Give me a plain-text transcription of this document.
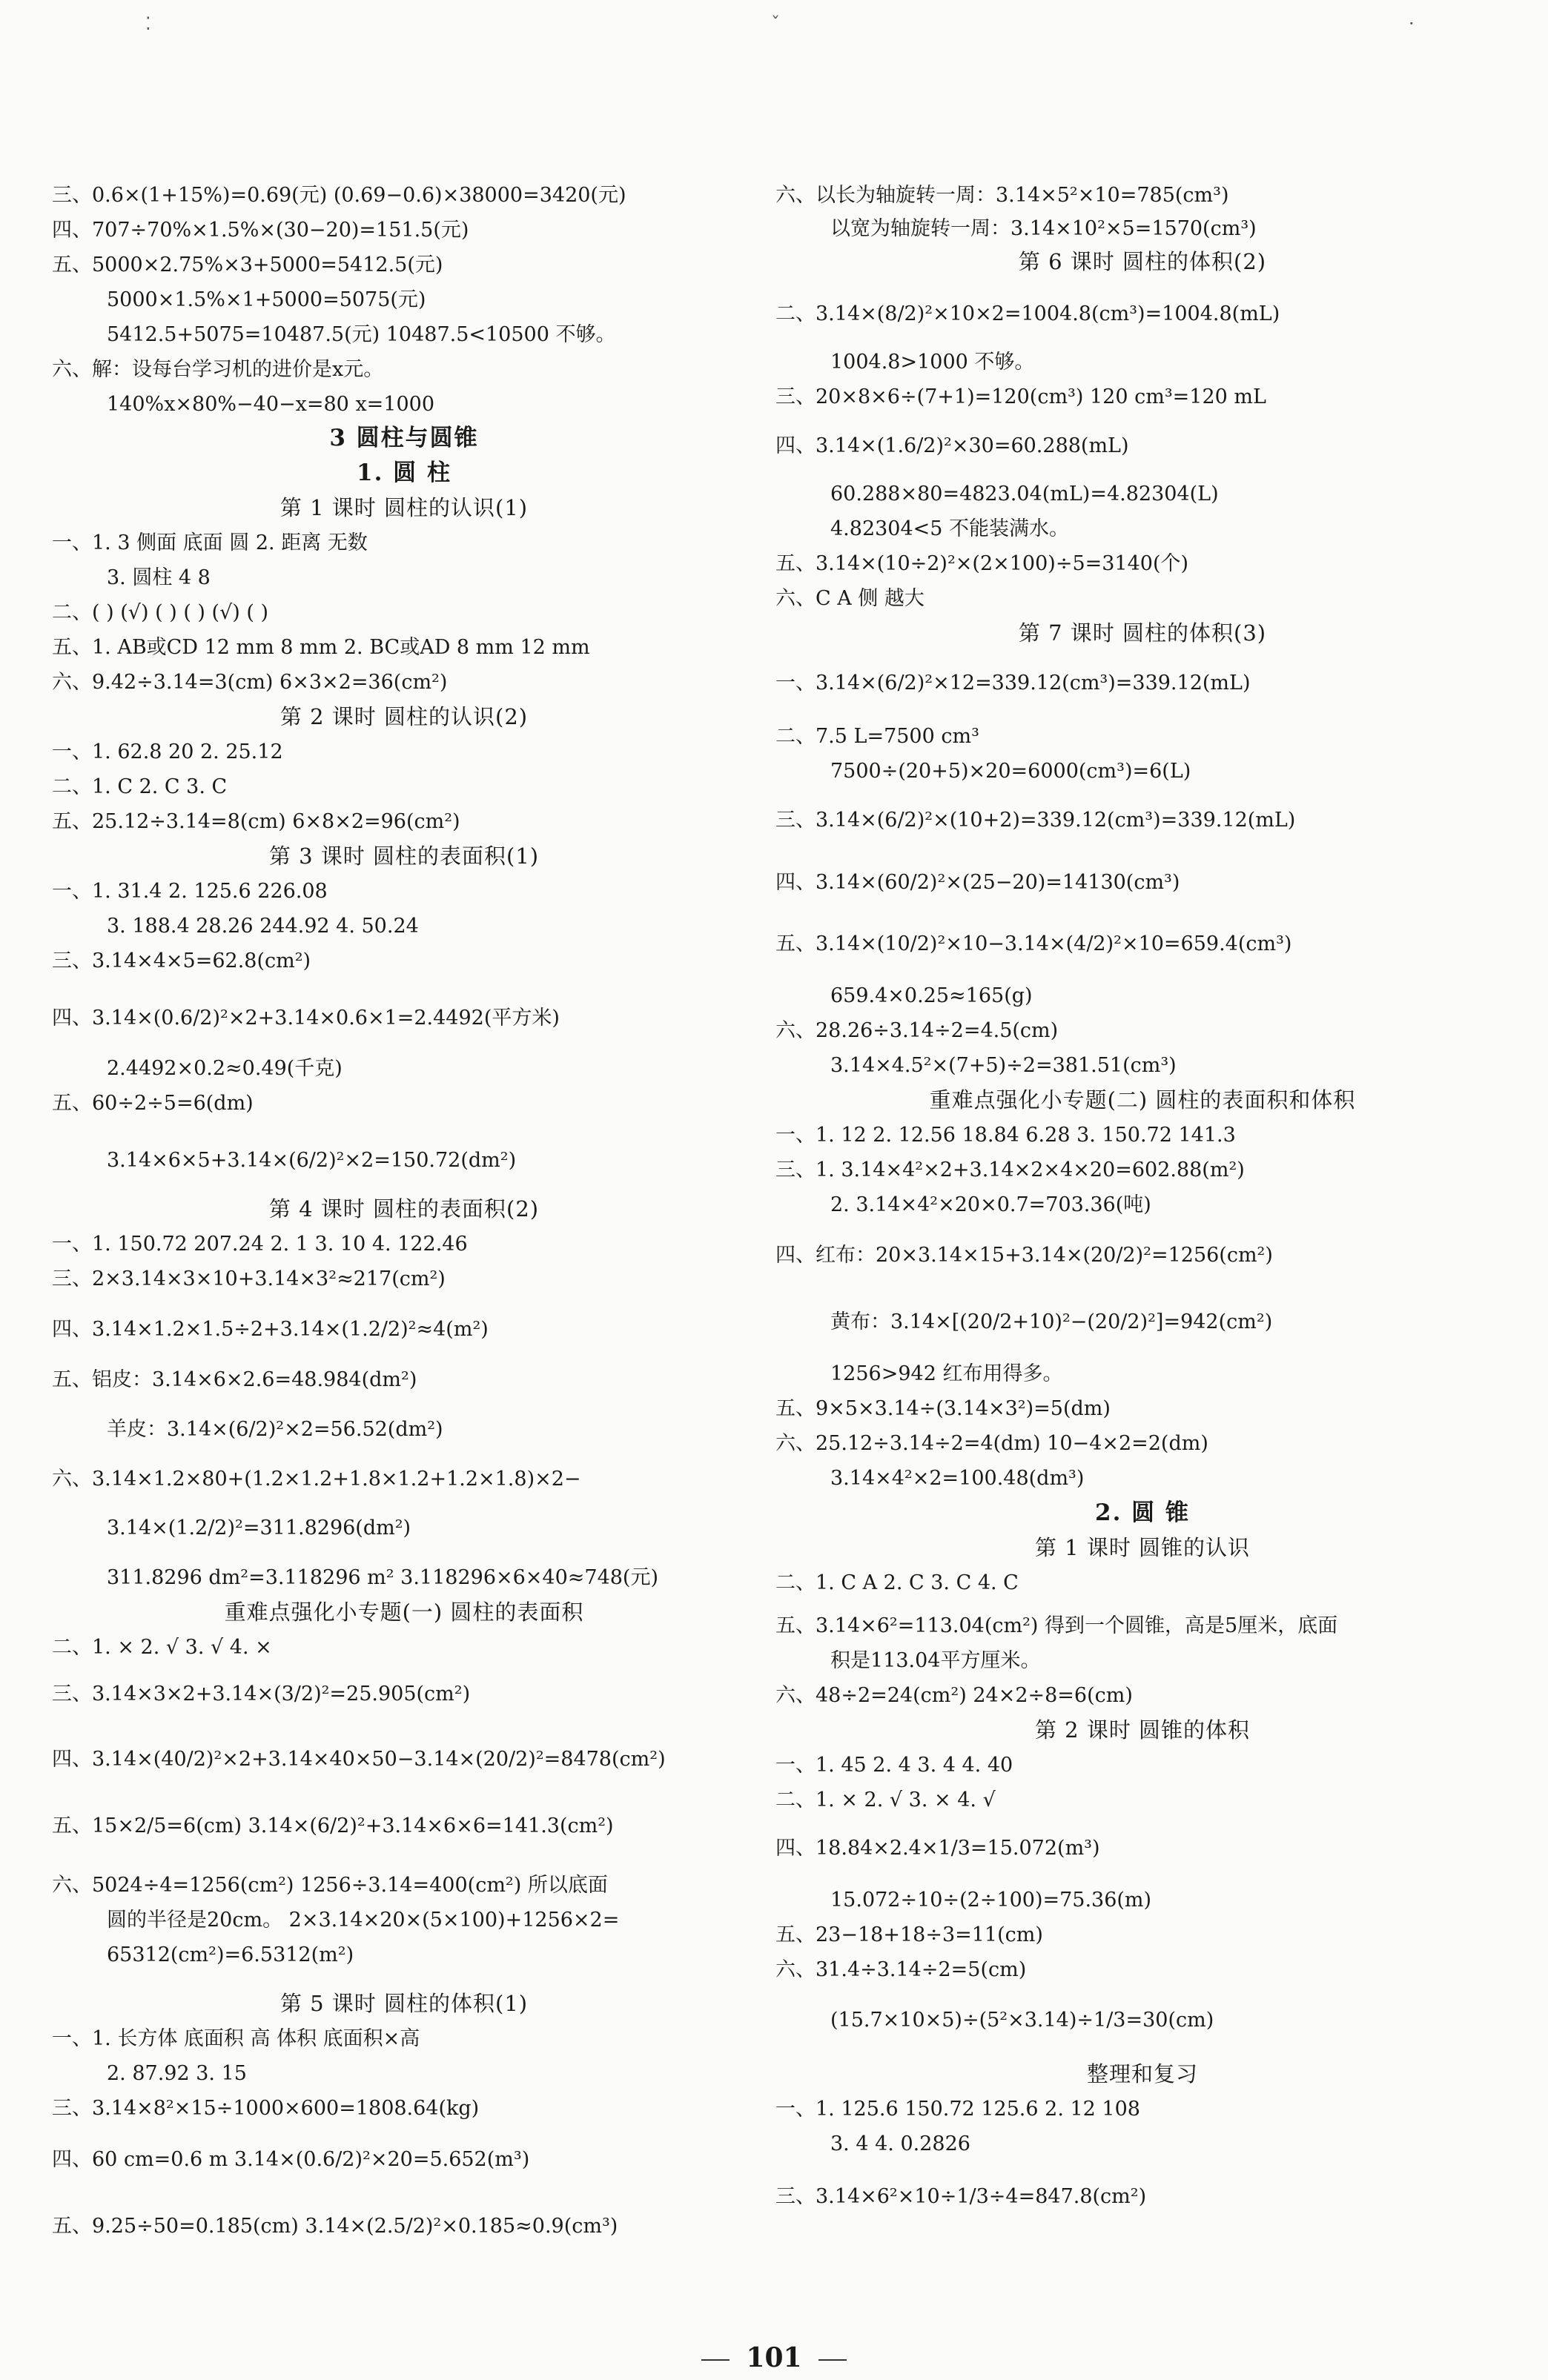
⁚	ˇ	·
三、0.6×(1+15%)=0.69(元) (0.69−0.6)×38000=3420(元)
四、707÷70%×1.5%×(30−20)=151.5(元)
五、5000×2.75%×3+5000=5412.5(元)
5000×1.5%×1+5000=5075(元)
5412.5+5075=10487.5(元) 10487.5<10500 不够。
六、解：设每台学习机的进价是x元。
140%x×80%−40−x=80 x=1000
3 圆柱与圆锥
1. 圆 柱
第 1 课时 圆柱的认识(1)
一、1. 3 侧面 底面 圆 2. 距离 无数
3. 圆柱 4 8
二、( ) (√) ( ) ( ) (√) ( )
五、1. AB或CD 12 mm 8 mm 2. BC或AD 8 mm 12 mm
六、9.42÷3.14=3(cm) 6×3×2=36(cm²)
第 2 课时 圆柱的认识(2)
一、1. 62.8 20 2. 25.12
二、1. C 2. C 3. C
五、25.12÷3.14=8(cm) 6×8×2=96(cm²)
第 3 课时 圆柱的表面积(1)
一、1. 31.4 2. 125.6 226.08
3. 188.4 28.26 244.92 4. 50.24
三、3.14×4×5=62.8(cm²)
四、3.14×(0.6/2)²×2+3.14×0.6×1=2.4492(平方米)
2.4492×0.2≈0.49(千克)
五、60÷2÷5=6(dm)
3.14×6×5+3.14×(6/2)²×2=150.72(dm²)
第 4 课时 圆柱的表面积(2)
一、1. 150.72 207.24 2. 1 3. 10 4. 122.46
三、2×3.14×3×10+3.14×3²≈217(cm²)
四、3.14×1.2×1.5÷2+3.14×(1.2/2)²≈4(m²)
五、铝皮：3.14×6×2.6=48.984(dm²)
羊皮：3.14×(6/2)²×2=56.52(dm²)
六、3.14×1.2×80+(1.2×1.2+1.8×1.2+1.2×1.8)×2−
3.14×(1.2/2)²=311.8296(dm²)
311.8296 dm²=3.118296 m² 3.118296×6×40≈748(元)
重难点强化小专题(一) 圆柱的表面积
二、1. × 2. √ 3. √ 4. ×
三、3.14×3×2+3.14×(3/2)²=25.905(cm²)
四、3.14×(40/2)²×2+3.14×40×50−3.14×(20/2)²=8478(cm²)
五、15×2/5=6(cm) 3.14×(6/2)²+3.14×6×6=141.3(cm²)
六、5024÷4=1256(cm²) 1256÷3.14=400(cm²) 所以底面
圆的半径是20cm。 2×3.14×20×(5×100)+1256×2=
65312(cm²)=6.5312(m²)
第 5 课时 圆柱的体积(1)
一、1. 长方体 底面积 高 体积 底面积×高
2. 87.92 3. 15
三、3.14×8²×15÷1000×600=1808.64(kg)
四、60 cm=0.6 m 3.14×(0.6/2)²×20=5.652(m³)
五、9.25÷50=0.185(cm) 3.14×(2.5/2)²×0.185≈0.9(cm³)
六、以长为轴旋转一周：3.14×5²×10=785(cm³)
以宽为轴旋转一周：3.14×10²×5=1570(cm³)
第 6 课时 圆柱的体积(2)
二、3.14×(8/2)²×10×2=1004.8(cm³)=1004.8(mL)
1004.8>1000 不够。
三、20×8×6÷(7+1)=120(cm³) 120 cm³=120 mL
四、3.14×(1.6/2)²×30=60.288(mL)
60.288×80=4823.04(mL)=4.82304(L)
4.82304<5 不能装满水。
五、3.14×(10÷2)²×(2×100)÷5=3140(个)
六、C A 侧 越大
第 7 课时 圆柱的体积(3)
一、3.14×(6/2)²×12=339.12(cm³)=339.12(mL)
二、7.5 L=7500 cm³
7500÷(20+5)×20=6000(cm³)=6(L)
三、3.14×(6/2)²×(10+2)=339.12(cm³)=339.12(mL)
四、3.14×(60/2)²×(25−20)=14130(cm³)
五、3.14×(10/2)²×10−3.14×(4/2)²×10=659.4(cm³)
659.4×0.25≈165(g)
六、28.26÷3.14÷2=4.5(cm)
3.14×4.5²×(7+5)÷2=381.51(cm³)
重难点强化小专题(二) 圆柱的表面积和体积
一、1. 12 2. 12.56 18.84 6.28 3. 150.72 141.3
三、1. 3.14×4²×2+3.14×2×4×20=602.88(m²)
2. 3.14×4²×20×0.7=703.36(吨)
四、红布：20×3.14×15+3.14×(20/2)²=1256(cm²)
黄布：3.14×[(20/2+10)²−(20/2)²]=942(cm²)
1256>942 红布用得多。
五、9×5×3.14÷(3.14×3²)=5(dm)
六、25.12÷3.14÷2=4(dm) 10−4×2=2(dm)
3.14×4²×2=100.48(dm³)
2. 圆 锥
第 1 课时 圆锥的认识
二、1. C A 2. C 3. C 4. C
五、3.14×6²=113.04(cm²) 得到一个圆锥，高是5厘米，底面
积是113.04平方厘米。
六、48÷2=24(cm²) 24×2÷8=6(cm)
第 2 课时 圆锥的体积
一、1. 45 2. 4 3. 4 4. 40
二、1. × 2. √ 3. × 4. √
四、18.84×2.4×1/3=15.072(m³)
15.072÷10÷(2÷100)=75.36(m)
五、23−18+18÷3=11(cm)
六、31.4÷3.14÷2=5(cm)
(15.7×10×5)÷(5²×3.14)÷1/3=30(cm)
整理和复习
一、1. 125.6 150.72 125.6 2. 12 108
3. 4 4. 0.2826
三、3.14×6²×10÷1/3÷4=847.8(cm²)
101
